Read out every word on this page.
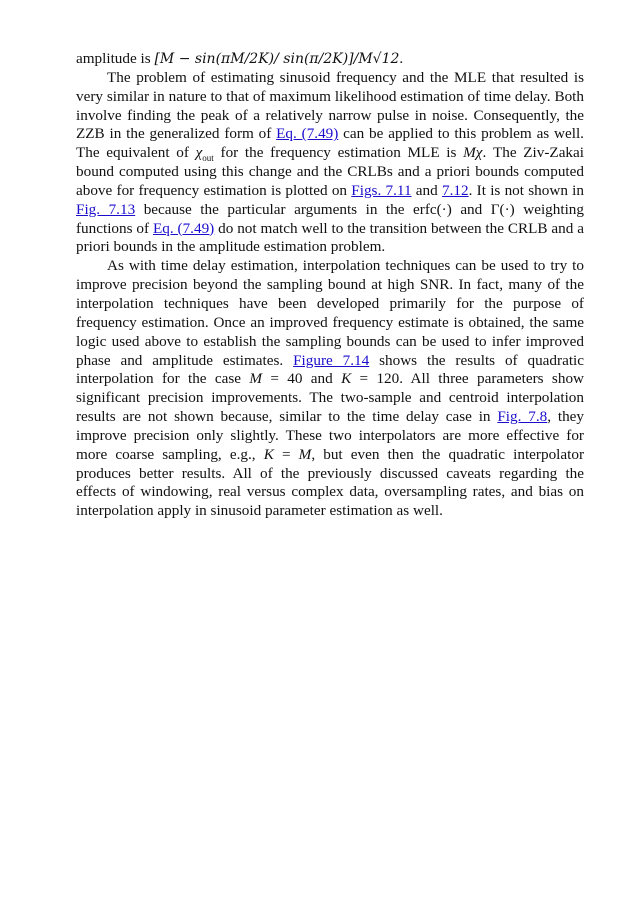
amplitude is [M − sin(πM/2K)/ sin(π/2K)]/M√12.

The problem of estimating sinusoid frequency and the MLE that resulted is very similar in nature to that of maximum likelihood estimation of time delay. Both involve finding the peak of a relatively narrow pulse in noise. Consequently, the ZZB in the generalized form of Eq. (7.49) can be applied to this problem as well. The equivalent of $\chi_{out}$ for the frequency estimation MLE is Mχ. The Ziv-Zakai bound computed using this change and the CRLBs and a priori bounds computed above for frequency estimation is plotted on Figs. 7.11 and 7.12. It is not shown in Fig. 7.13 because the particular arguments in the erfc(·) and Γ(·) weighting functions of Eq. (7.49) do not match well to the transition between the CRLB and a priori bounds in the amplitude estimation problem.

As with time delay estimation, interpolation techniques can be used to try to improve precision beyond the sampling bound at high SNR. In fact, many of the interpolation techniques have been developed primarily for the purpose of frequency estimation. Once an improved frequency estimate is obtained, the same logic used above to establish the sampling bounds can be used to infer improved phase and amplitude estimates. Figure 7.14 shows the results of quadratic interpolation for the case M = 40 and K = 120. All three parameters show significant precision improvements. The two-sample and centroid interpolation results are not shown because, similar to the time delay case in Fig. 7.8, they improve precision only slightly. These two interpolators are more effective for more coarse sampling, e.g., K = M, but even then the quadratic interpolator produces better results. All of the previously discussed caveats regarding the effects of windowing, real versus complex data, oversampling rates, and bias on interpolation apply in sinusoid parameter estimation as well.
